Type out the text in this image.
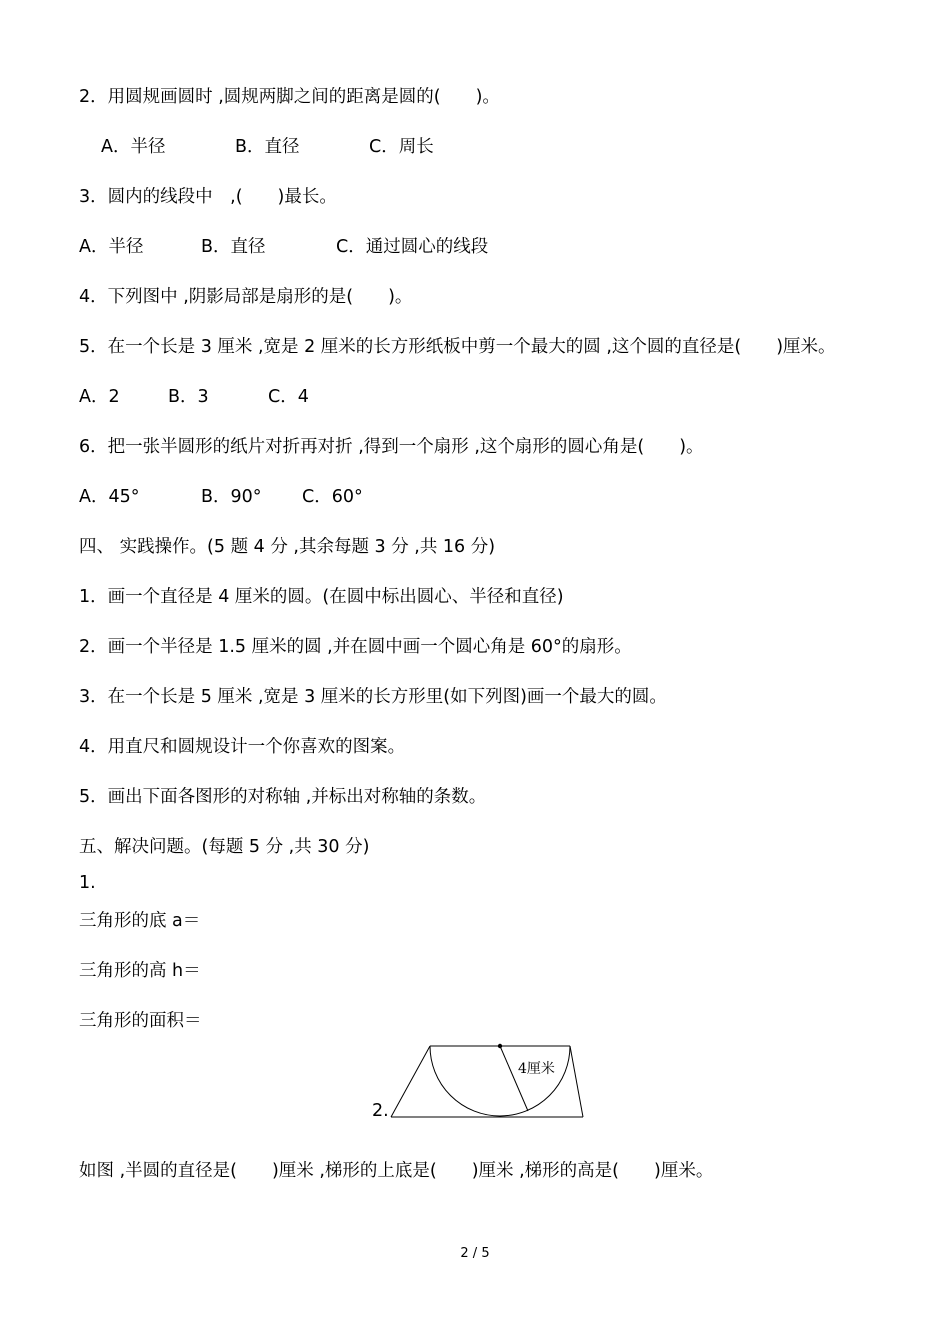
2．用圆规画圆时 ,圆规两脚之间的距离是圆的(　　)。
A．半径	B．直径	C．周长
3．圆内的线段中　,(　　)最长。
A．半径	B．直径	C．通过圆心的线段
4．下列图中 ,阴影局部是扇形的是(　　)。
5．在一个长是 3 厘米 ,宽是 2 厘米的长方形纸板中剪一个最大的圆 ,这个圆的直径是(　　)厘米。
A．2	B．3	C．4
6．把一张半圆形的纸片对折再对折 ,得到一个扇形 ,这个扇形的圆心角是(　　)。
A．45°	B．90° C．60°
四、 实践操作。(5 题 4 分 ,其余每题 3 分 ,共 16 分)
1．画一个直径是 4 厘米的圆。(在圆中标出圆心、半径和直径)
2．画一个半径是 1.5 厘米的圆 ,并在圆中画一个圆心角是 60°的扇形。
3．在一个长是 5 厘米 ,宽是 3 厘米的长方形里(如下列图)画一个最大的圆。
4．用直尺和圆规设计一个你喜欢的图案。
5．画出下面各图形的对称轴 ,并标出对称轴的条数。
五、解决问题。(每题 5 分 ,共 30 分)
1.
三角形的底 a＝
三角形的高 h＝
三角形的面积＝
2.
4厘米
如图 ,半圆的直径是(　　)厘米 ,梯形的上底是(　　)厘米 ,梯形的高是(　　)厘米。
2 / 5
